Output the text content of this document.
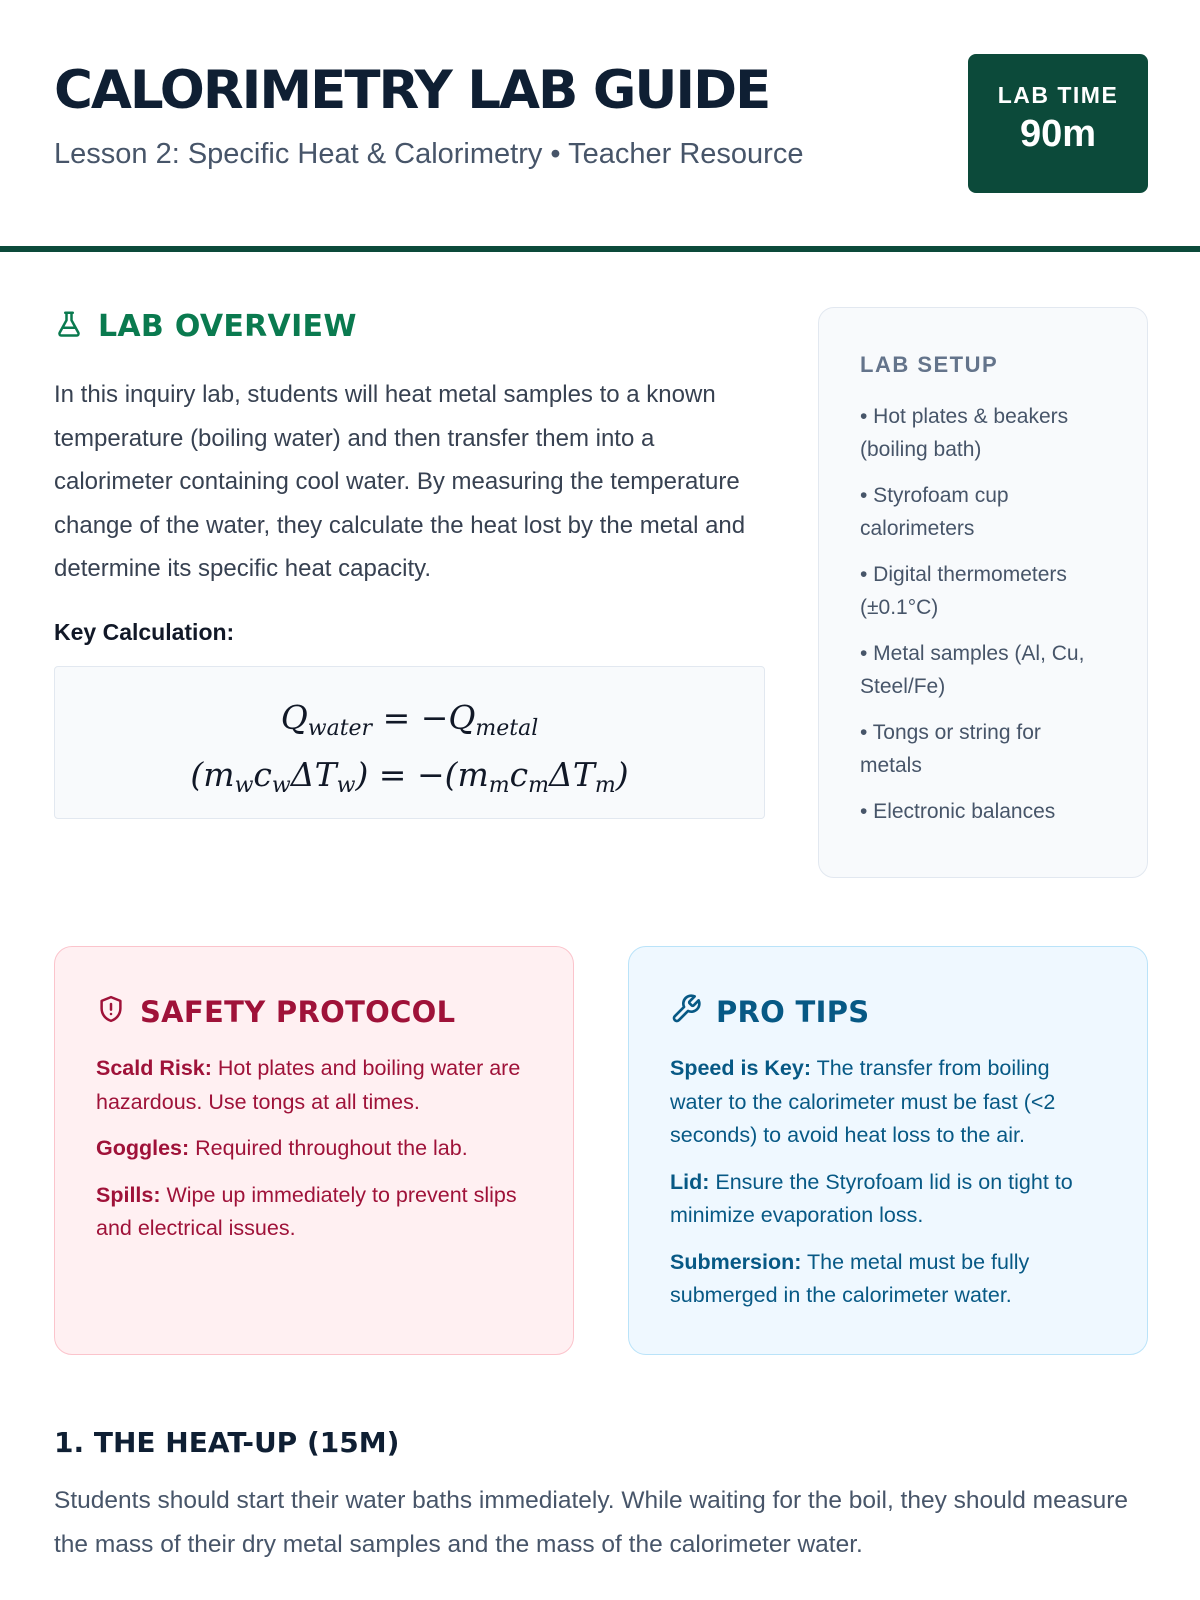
CALORIMETRY LAB GUIDE
Lesson 2: Specific Heat & Calorimetry • Teacher Resource
LAB TIME
90m
LAB OVERVIEW

In this inquiry lab, students will heat metal samples to a known temperature (boiling water) and then transfer them into a calorimeter containing cool water. By measuring the temperature change of the water, they calculate the heat lost by the metal and determine its specific heat capacity.

Key Calculation:
$Q_{water} = -Q_{metal}$
$(m_wc_w\Delta T_w) = -(m_mc_m\Delta T_m)$
LAB SETUP
• Hot plates & beakers (boiling bath)
• Styrofoam cup calorimeters
• Digital thermometers (±0.1°C)
• Metal samples (Al, Cu, Steel/Fe)
• Tongs or string for metals
• Electronic balances
SAFETY PROTOCOL
Scald Risk: Hot plates and boiling water are hazardous. Use tongs at all times.
Goggles: Required throughout the lab.
Spills: Wipe up immediately to prevent slips and electrical issues.
PRO TIPS
Speed is Key: The transfer from boiling water to the calorimeter must be fast (<2 seconds) to avoid heat loss to the air.
Lid: Ensure the Styrofoam lid is on tight to minimize evaporation loss.
Submersion: The metal must be fully submerged in the calorimeter water.
1. THE HEAT-UP (15M)

Students should start their water baths immediately. While waiting for the boil, they should measure the mass of their dry metal samples and the mass of the calorimeter water.
